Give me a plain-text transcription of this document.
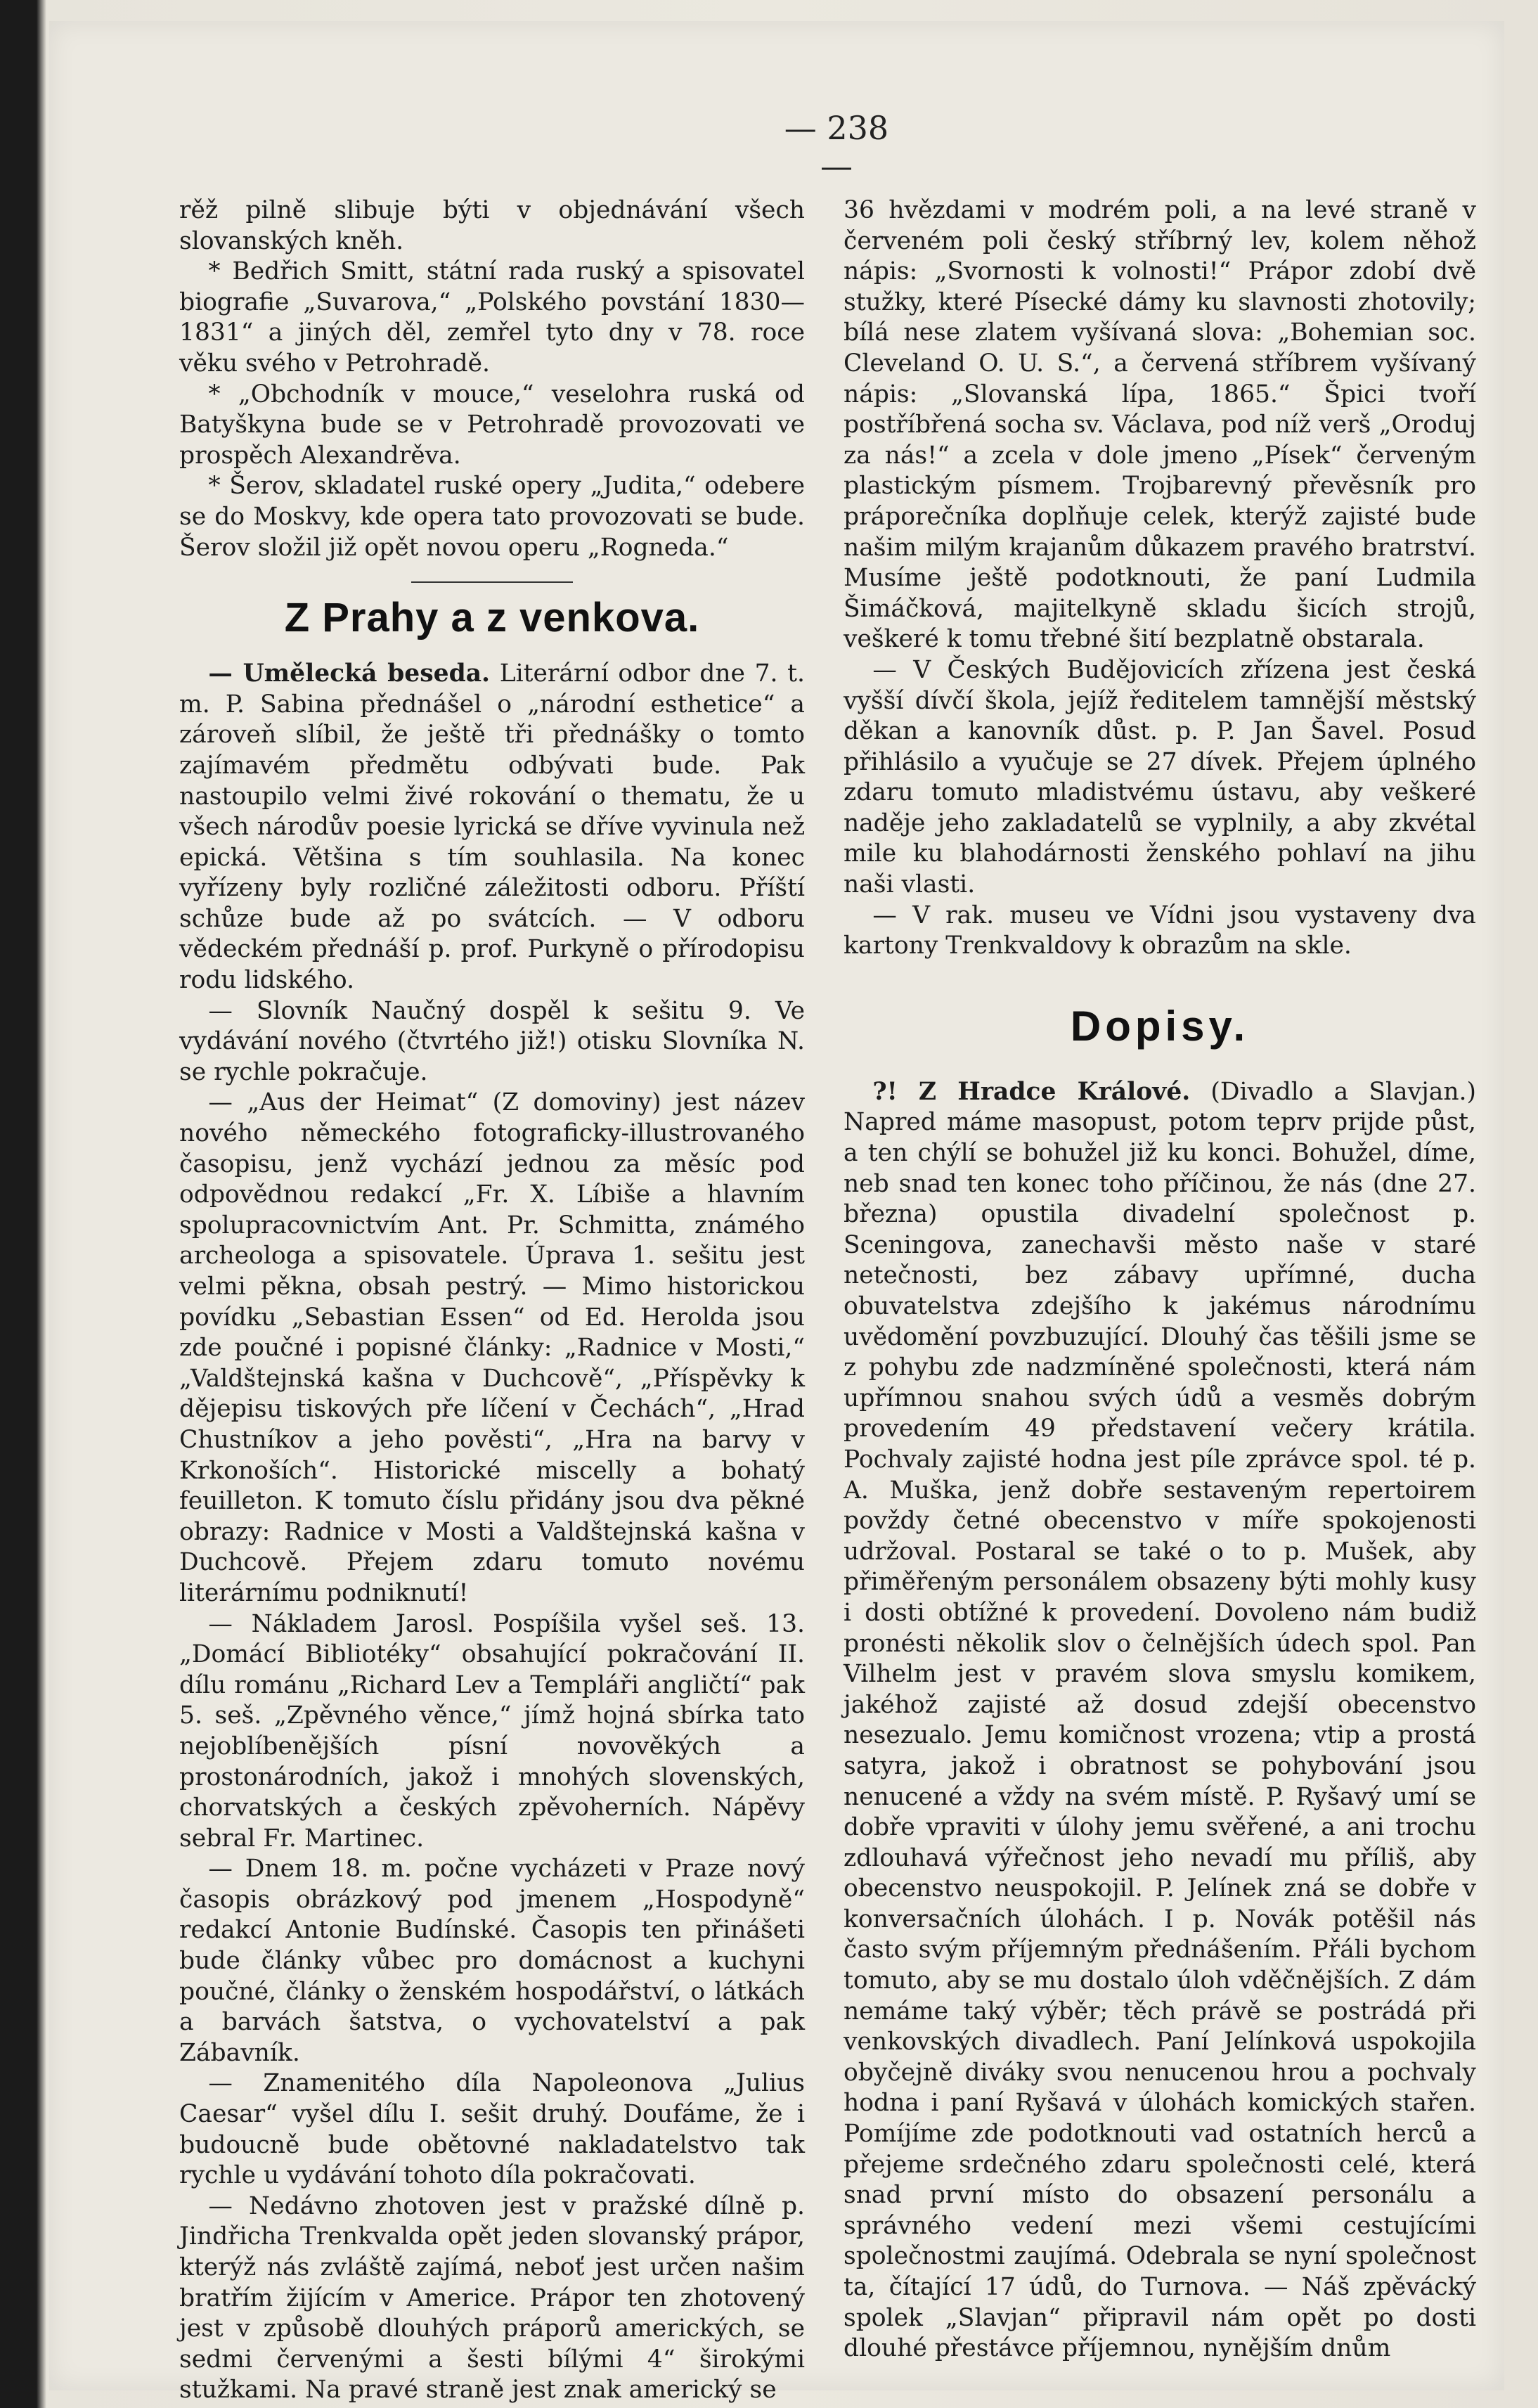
— 238 —

rěž pilně slibuje býti v objednávání všech slovanských kněh.

* Bedřich Smitt, státní rada ruský a spisovatel biografie „Suvarova,“ „Polského povstání 1830—1831“ a jiných děl, zemřel tyto dny v 78. roce věku svého v Petrohradě.

* „Obchodník v mouce,“ veselohra ruská od Batyškyna bude se v Petrohradě provozovati ve prospěch Alexandrěva.

* Šerov, skladatel ruské opery „Judita,“ odebere se do Moskvy, kde opera tato provozovati se bude. Šerov složil již opět novou operu „Rogneda.“

Z Prahy a z venkova.

— Umělecká beseda. Literární odbor dne 7. t. m. P. Sabina přednášel o „národní esthetice“ a zároveň slíbil, že ještě tři přednášky o tomto zajímavém předmětu odbývati bude. Pak nastoupilo velmi živé rokování o thematu, že u všech národův poesie lyrická se dříve vyvinula než epická. Většina s tím souhlasila. Na konec vyřízeny byly rozličné záležitosti odboru. Příští schůze bude až po svátcích. — V odboru vědeckém přednáší p. prof. Purkyně o přírodopisu rodu lidského.

— Slovník Naučný dospěl k sešitu 9. Ve vydávání nového (čtvrtého již!) otisku Slovníka N. se rychle pokračuje.

— „Aus der Heimat“ (Z domoviny) jest název nového německého fotograficky-illustrovaného časopisu, jenž vychází jednou za měsíc pod odpovědnou redakcí „Fr. X. Líbiše a hlavním spolupracovnictvím Ant. Pr. Schmitta, známého archeologa a spisovatele. Úprava 1. sešitu jest velmi pěkna, obsah pestrý. — Mimo historickou povídku „Sebastian Essen“ od Ed. Herolda jsou zde poučné i popisné články: „Radnice v Mosti,“ „Valdštejnská kašna v Duchcově“, „Příspěvky k dějepisu tiskových pře líčení v Čechách“, „Hrad Chustníkov a jeho pověsti“, „Hra na barvy v Krkonoších“. Historické miscelly a bohatý feuilleton. K tomuto číslu přidány jsou dva pěkné obrazy: Radnice v Mosti a Valdštejnská kašna v Duchcově. Přejem zdaru tomuto novému literárnímu podniknutí!

— Nákladem Jarosl. Pospíšila vyšel seš. 13. „Domácí Bibliotéky“ obsahující pokračování II. dílu románu „Richard Lev a Templáři angličtí“ pak 5. seš. „Zpěvného věnce,“ jímž hojná sbírka tato nejoblíbenějších písní novověkých a prostonárodních, jakož i mnohých slovenských, chorvatských a českých zpěvoherních. Nápěvy sebral Fr. Martinec.

— Dnem 18. m. počne vycházeti v Praze nový časopis obrázkový pod jmenem „Hospodyně“ redakcí Antonie Budínské. Časopis ten přinášeti bude články vůbec pro domácnost a kuchyni poučné, články o ženském hospodářství, o látkách a barvách šatstva, o vychovatelství a pak Zábavník.

— Znamenitého díla Napoleonova „Julius Caesar“ vyšel dílu I. sešit druhý. Doufáme, že i budoucně bude obětovné nakladatelstvo tak rychle u vydávání tohoto díla pokračovati.

— Nedávno zhotoven jest v pražské dílně p. Jindřicha Trenkvalda opět jeden slovanský prápor, kterýž nás zvláště zajímá, neboť jest určen našim bratřím žijícím v Americe. Prápor ten zhotovený jest v způsobě dlouhých práporů amerických, se sedmi červenými a šesti bílými 4“ širokými stužkami. Na pravé straně jest znak americký se

36 hvězdami v modrém poli, a na levé straně v červeném poli český stříbrný lev, kolem něhož nápis: „Svornosti k volnosti!“ Prápor zdobí dvě stužky, které Písecké dámy ku slavnosti zhotovily; bílá nese zlatem vyšívaná slova: „Bohemian soc. Cleveland O. U. S.“, a červená stříbrem vyšívaný nápis: „Slovanská lípa, 1865.“ Špici tvoří postříbřená socha sv. Václava, pod níž verš „Oroduj za nás!“ a zcela v dole jmeno „Písek“ červeným plastickým písmem. Trojbarevný převěsník pro práporečníka doplňuje celek, kterýž zajisté bude našim milým krajanům důkazem pravého bratrství. Musíme ještě podotknouti, že paní Ludmila Šimáčková, majitelkyně skladu šicích strojů, veškeré k tomu třebné šití bezplatně obstarala.

— V Českých Budějovicích zřízena jest česká vyšší dívčí škola, jejíž ředitelem tamnější městský děkan a kanovník důst. p. P. Jan Šavel. Posud přihlásilo a vyučuje se 27 dívek. Přejem úplného zdaru tomuto mladistvému ústavu, aby veškeré naděje jeho zakladatelů se vyplnily, a aby zkvétal mile ku blahodárnosti ženského pohlaví na jihu naši vlasti.

— V rak. museu ve Vídni jsou vystaveny dva kartony Trenkvaldovy k obrazům na skle.

Dopisy.

?! Z Hradce Králové. (Divadlo a Slavjan.) Napred máme masopust, potom teprv prijde půst, a ten chýlí se bohužel již ku konci. Bohužel, díme, neb snad ten konec toho příčinou, že nás (dne 27. března) opustila divadelní společnost p. Sceningova, zanechavši město naše v staré netečnosti, bez zábavy upřímné, ducha obuvatelstva zdejšího k jakémus národnímu uvědomění povzbuzující. Dlouhý čas těšili jsme se z pohybu zde nadzmíněné společnosti, která nám upřímnou snahou svých údů a vesměs dobrým provedením 49 představení večery krátila. Pochvaly zajisté hodna jest píle zprávce spol. té p. A. Muška, jenž dobře sestaveným repertoirem povždy četné obecenstvo v míře spokojenosti udržoval. Postaral se také o to p. Mušek, aby přiměřeným personálem obsazeny býti mohly kusy i dosti obtížné k provedení. Dovoleno nám budiž pronésti několik slov o čelnějších údech spol. Pan Vilhelm jest v pravém slova smyslu komikem, jakéhož zajisté až dosud zdejší obecenstvo nesezualo. Jemu komičnost vrozena; vtip a prostá satyra, jakož i obratnost se pohybování jsou nenucené a vždy na svém místě. P. Ryšavý umí se dobře vpraviti v úlohy jemu svěřené, a ani trochu zdlouhavá výřečnost jeho nevadí mu příliš, aby obecenstvo neuspokojil. P. Jelínek zná se dobře v konversačních úlohách. I p. Novák potěšil nás často svým příjemným přednášením. Přáli bychom tomuto, aby se mu dostalo úloh vděčnějších. Z dám nemáme taký výběr; těch právě se postrádá při venkovských divadlech. Paní Jelínková uspokojila obyčejně diváky svou nenucenou hrou a pochvaly hodna i paní Ryšavá v úlohách komických stařen. Pomíjíme zde podotknouti vad ostatních herců a přejeme srdečného zdaru společnosti celé, která snad první místo do obsazení personálu a správného vedení mezi všemi cestujícími společnostmi zaujímá. Odebrala se nyní společnost ta, čítající 17 údů, do Turnova. — Náš zpěvácký spolek „Slavjan“ připravil nám opět po dosti dlouhé přestávce příjemnou, nynějším dnům
